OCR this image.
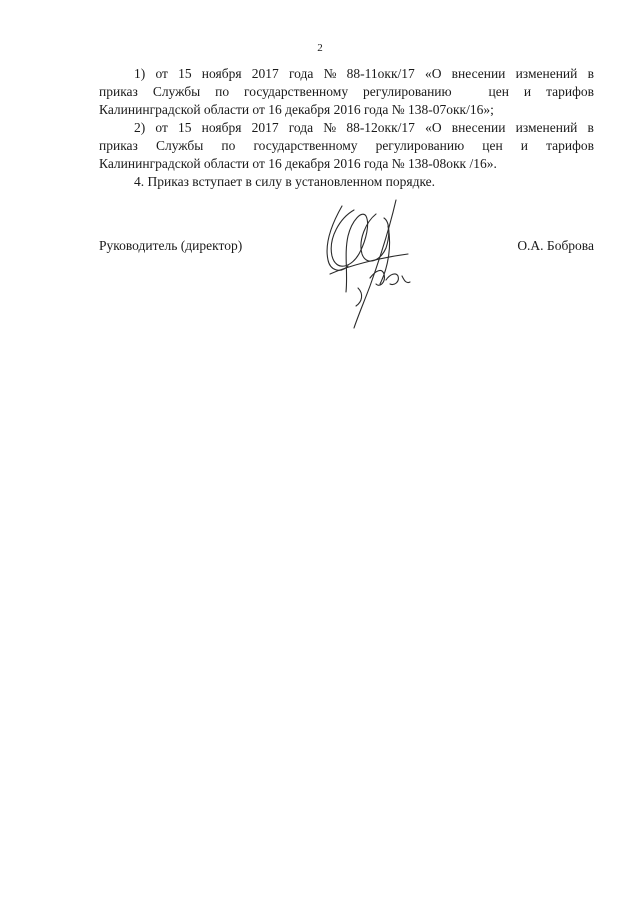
2
1) от 15 ноября 2017 года № 88-11окк/17 «О внесении изменений в
приказ Службы по государственному регулированию	цен и тарифов
Калининградской области от 16 декабря 2016 года № 138-07окк/16»;
2) от 15 ноября 2017 года № 88-12окк/17 «О внесении изменений в
приказ Службы по государственному регулированию цен и тарифов
Калининградской области от 16 декабря 2016 года № 138-08окк /16».
4. Приказ вступает в силу в установленном порядке.
Руководитель (директор)	О.А. Боброва
